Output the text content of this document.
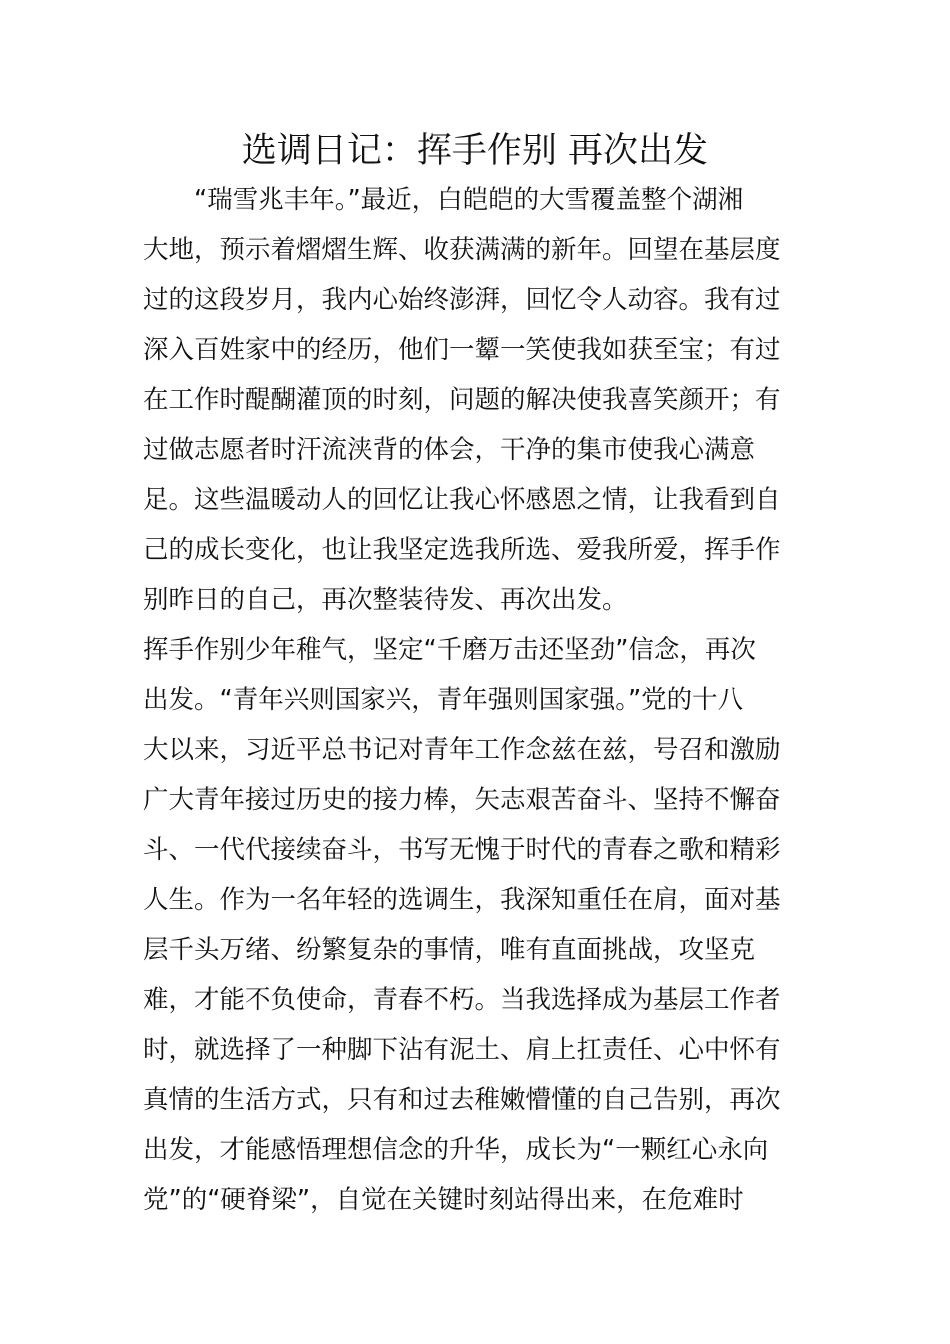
选调日记：挥手作别 再次出发
　　“瑞雪兆丰年。”最近，白皑皑的大雪覆盖整个湖湘
大地，预示着熠熠生辉、收获满满的新年。回望在基层度
过的这段岁月，我内心始终澎湃，回忆令人动容。我有过
深入百姓家中的经历，他们一颦一笑使我如获至宝；有过
在工作时醍醐灌顶的时刻，问题的解决使我喜笑颜开；有
过做志愿者时汗流浃背的体会，干净的集市使我心满意
足。这些温暖动人的回忆让我心怀感恩之情，让我看到自
己的成长变化，也让我坚定选我所选、爱我所爱，挥手作
别昨日的自己，再次整装待发、再次出发。
挥手作别少年稚气，坚定“千磨万击还坚劲”信念，再次
出发。“青年兴则国家兴，青年强则国家强。”党的十八
大以来，习近平总书记对青年工作念兹在兹，号召和激励
广大青年接过历史的接力棒，矢志艰苦奋斗、坚持不懈奋
斗、一代代接续奋斗，书写无愧于时代的青春之歌和精彩
人生。作为一名年轻的选调生，我深知重任在肩，面对基
层千头万绪、纷繁复杂的事情，唯有直面挑战，攻坚克
难，才能不负使命，青春不朽。当我选择成为基层工作者
时，就选择了一种脚下沾有泥土、肩上扛责任、心中怀有
真情的生活方式，只有和过去稚嫩懵懂的自己告别，再次
出发，才能感悟理想信念的升华，成长为“一颗红心永向
党”的“硬脊梁”，自觉在关键时刻站得出来，在危难时
